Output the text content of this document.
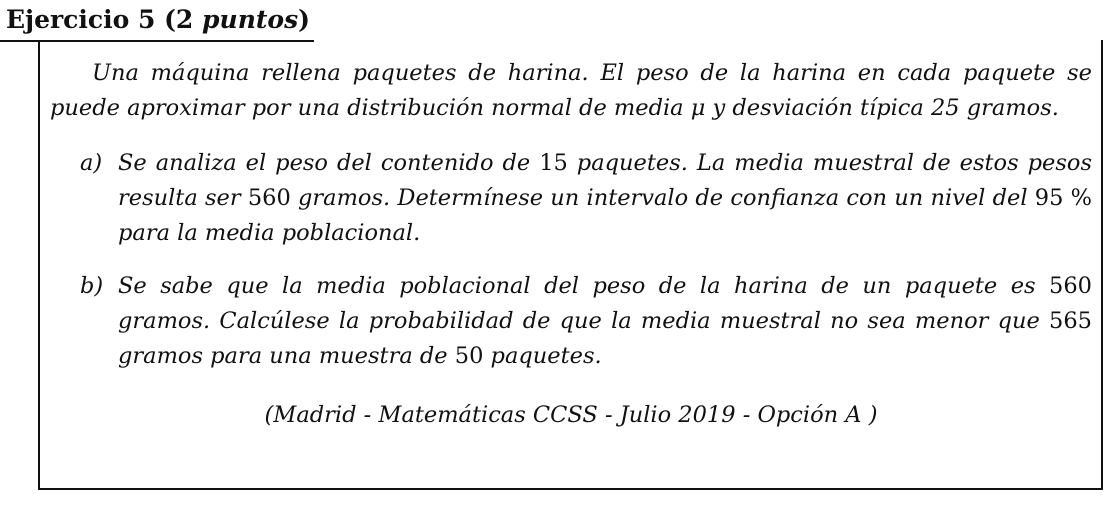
Ejercicio 5 (2 puntos)

Una máquina rellena paquetes de harina. El peso de la harina en cada paquete se puede aproximar por una distribución normal de media μ y desviación típica 25 gramos.

a) Se analiza el peso del contenido de 15 paquetes. La media muestral de estos pesos resulta ser 560 gramos. Determínese un intervalo de confianza con un nivel del 95 % para la media poblacional.
b) Se sabe que la media poblacional del peso de la harina de un paquete es 560 gramos. Calcúlese la probabilidad de que la media muestral no sea menor que 565 gramos para una muestra de 50 paquetes.
(Madrid - Matemáticas CCSS - Julio 2019 - Opción A )
